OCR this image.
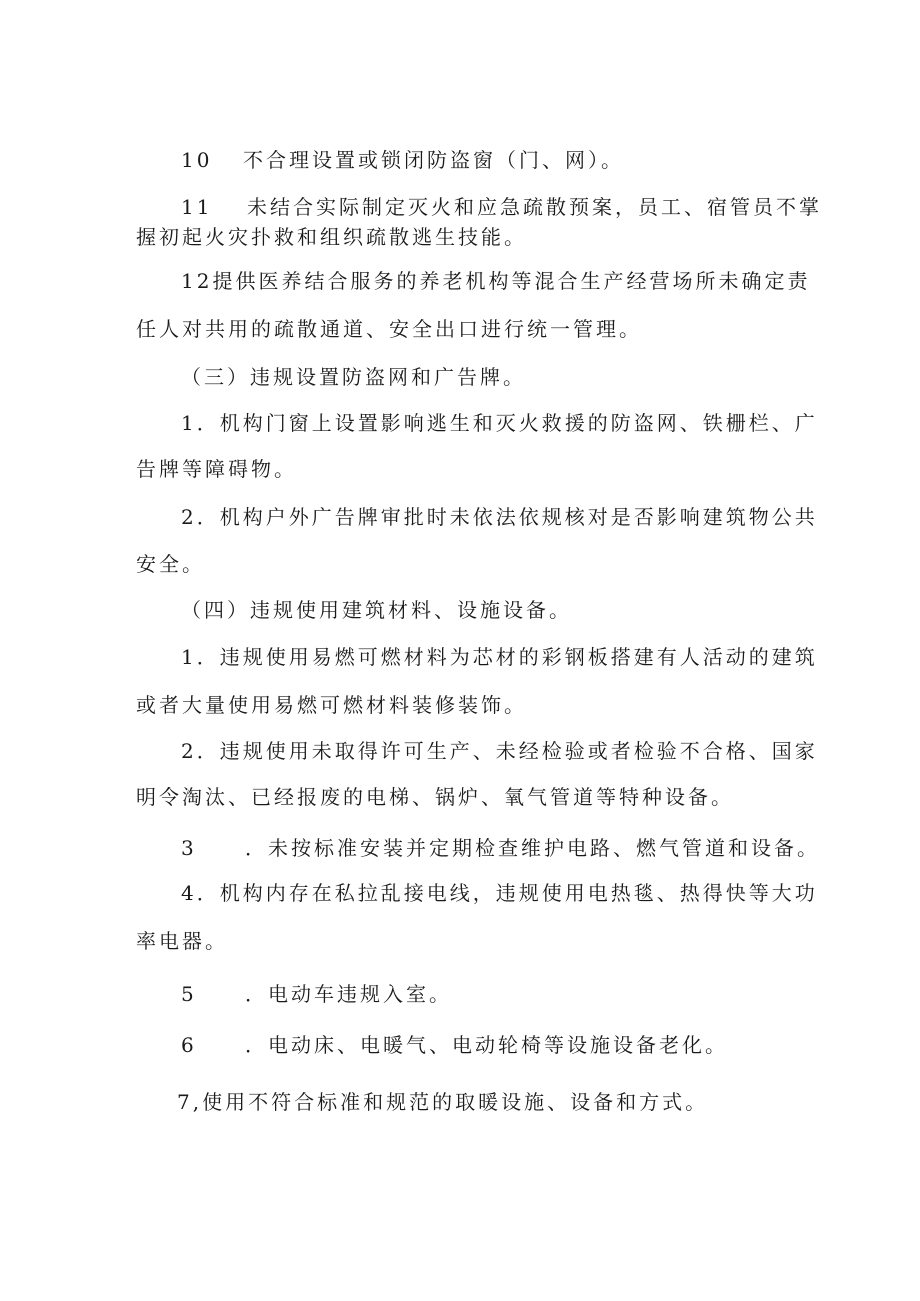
10 不合理设置或锁闭防盗窗（门、网）。
11 未结合实际制定灭火和应急疏散预案，员工、宿管员不掌
握初起火灾扑救和组织疏散逃生技能。
12提供医养结合服务的养老机构等混合生产经营场所未确定责
任人对共用的疏散通道、安全出口进行统一管理。
（三）违规设置防盗网和广告牌。
1．机构门窗上设置影响逃生和灭火救援的防盗网、铁栅栏、广
告牌等障碍物。
2．机构户外广告牌审批时未依法依规核对是否影响建筑物公共
安全。
（四）违规使用建筑材料、设施设备。
1．违规使用易燃可燃材料为芯材的彩钢板搭建有人活动的建筑
或者大量使用易燃可燃材料装修装饰。
2．违规使用未取得许可生产、未经检验或者检验不合格、国家
明令淘汰、已经报废的电梯、锅炉、氧气管道等特种设备。
3 ．未按标准安装并定期检查维护电路、燃气管道和设备。
4．机构内存在私拉乱接电线，违规使用电热毯、热得快等大功
率电器。
5 ．电动车违规入室。
6 ．电动床、电暖气、电动轮椅等设施设备老化。
7,使用不符合标准和规范的取暖设施、设备和方式。
